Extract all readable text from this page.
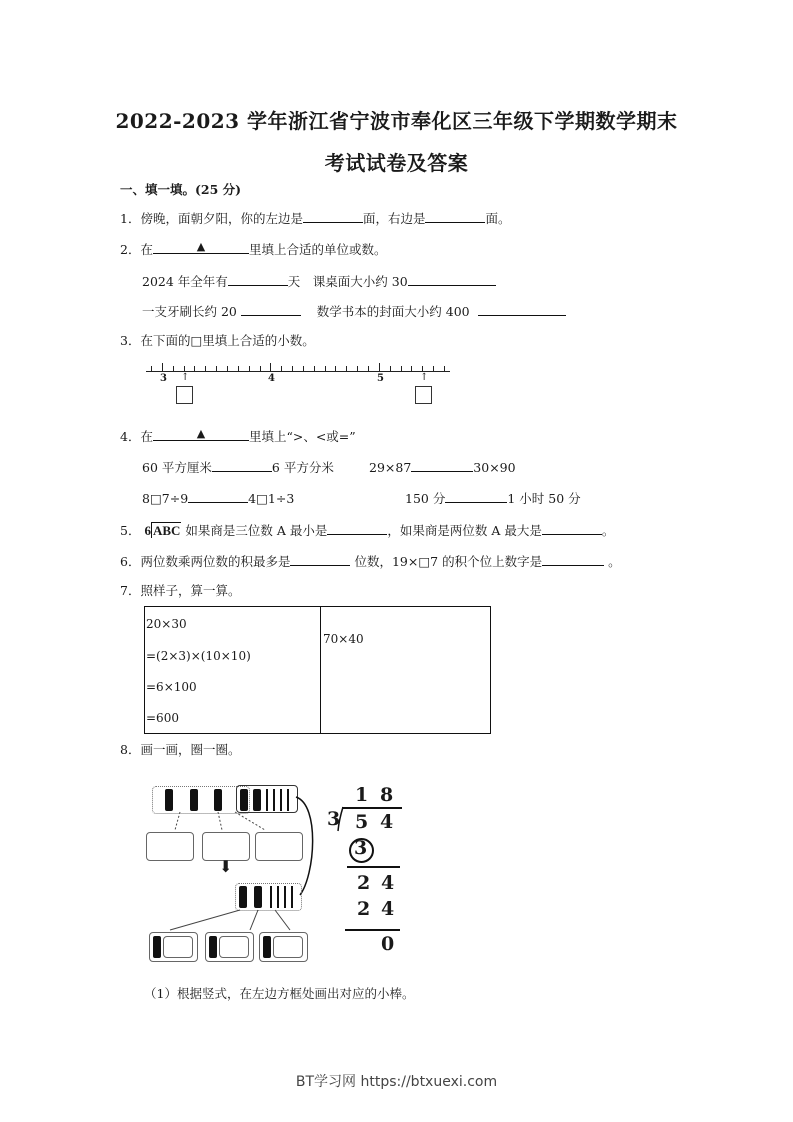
2022-2023 学年浙江省宁波市奉化区三年级下学期数学期末
考试试卷及答案
一、填一填。(25 分)
1．傍晚，面朝夕阳，你的左边是	面，右边是	面。
2．在	▲	里填上合适的单位或数。
2024 年全年有	天　课桌面大小约 30
一支牙刷长约 20	数学书本的封面大小约 400
3．在下面的□里填上合适的小数。
3	4	5
↑	↑
4．在	▲	里填上“>、<或=”
60 平方厘米	6 平方分米	29×87	30×90
8□7÷9	4□1÷3	150 分	1 小时 50 分
5． 6 ABC 如果商是三位数 A 最小是	，如果商是两位数 A 最大是	。
6．两位数乘两位数的积最多是	位数，19×□7 的积个位上数字是	。
7．照样子，算一算。
20×30
=(2×3)×(10×10)
=6×100
=600
70×40
8．画一画，圈一圈。
⬇
1 8
3 5 4
3
2 4
2 4
0
（1）根据竖式，在左边方框处画出对应的小棒。
BT学习网 https://btxuexi.com
